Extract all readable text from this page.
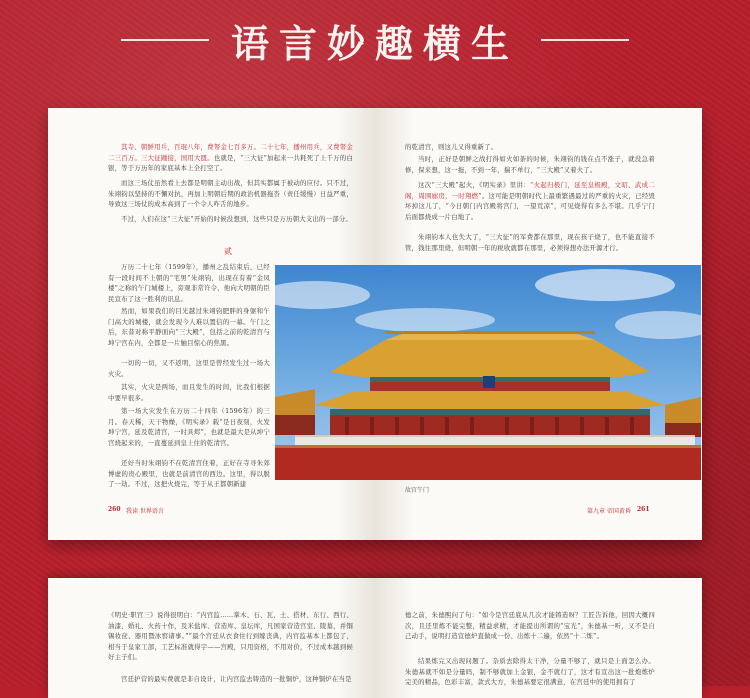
语言妙趣横生
其寺、朝鲜用兵，百琨八年，费帑金七百多万。二十七年，播州用兵，又费帑金二三百万。三大征踵接，国用大匮。也就是，“三大征”加起来一共耗死了上千万的白银，等于万历年的家底基本上全打空了。
而这三场仗虽然看上去都是明朝主动出战，但其实都属于被动的应付。只不过，朱翊钧以坚持的不懈对抗，再加上明朝后期的政治机器拖沓（责任缓慢）日益严重，导致这三场仗的成本高到了一个令人咋舌的地步。
不过，人们在这“三大征”开始的时候没想到，这些只是万历朝大支出的一部分。
贰
万历二十七年（1599年），播州之乱结束后，已经有一段时间不上朝的“宅男”朱翊钧，出现在有着“金凤楼”之称的午门城楼上，旁观非常许令、他向大明朝的臣民宣布了这一胜利的讯息。
然而，如果我们的目光越过朱翊钧肥胖的身躯和午门高大的城楼，就会发现今人难以置信的一幕。午门之后，东昔对称平静面向“三大殿”，包括之前的乾清宫与坤宁宫在内，全都是一片触目惊心的焦黑。
一切的一切，又不返明，这里是曾经发生过一场大火灾。
其实，火灾是两场，而且发生的时间，比我们根据中要早很多。
第一场大灾发生在万历二十四年（1596年）的三月。春天稀，天干物燥，《明实录》载“是日夜刻，火发坤宁宫，延及乾清宫，一时具烬”，也就是最大是从坤宁宫烧起来的，一直蔓延到皇上住的乾清宫。
还好当时朱翊钧不在乾清宫住着，正好在寺寻朱郊博虚的贵心殿里，也就是前清宫的西边。这里，得以脱了一劫。不过，这把火烧完，等于从王都朝新建
260 我读 世界语言
的乾清宫，则这儿又得重新了。
当时，正好是朝鲜之战打得如火如荼的时候，朱翊钧的钱在点不涨子，就没急着修，保来想，这一拖，不到一年，揣不单行，“三大殿”又着火了。
这次“三大殿”起火，《明实录》里讲：“火起归极门，延至皇极殿，文昭、武成二阁，周围廊房，一时翔燃”。这可能是明朝时代上最重繁遇最过的严重的火灾，已经毁坏掉这儿了，“今日朝门内宫殿将宫门，一望荒凉”，可见烧得有多么不堪。几乎宁门后面都烧成一片白地了。
朱翊钧本人也失大了，“三大征”的军费都在那里，现在孩子烧了，也不能直接不管，钱往那里烧，但明朝一年的税收就都在那里，必须得想办法开源才行。
故宫午门
第九章 帝国黄昏 261
《明史·职官三》说得很明白：“内官监……掌木、石、瓦、土、搭材、东行、西行、油漆、婚礼、火药十作，及米盐库、营造库、皇坛库，凡国家营造宫室、陵墓，并铜锡妆奁、器用暨冰窖诸事。””最个宫廷从衣食住行到嫁丧典，内官监基本上都包了，相当于皇家工部，工艺标准就得宇——宫殿，只用资格，不用对价，不过成本越到候好主子们。
宫廷护营的最实费就是非自设计，让内宫监去铸造的一批铜炉，这种铜炉在当是
德之前，朱德熙问了句：“如今是宫廷底从几次才能铸造呀？工匠告诉他，回因大概四次，且还里炼不能完整，精益求精，才能提出所谓的“宝光”，朱德基一听，又不是自己动手，说明打造宣德炉直做成一份、出炼十二遍，依然“十二炼”。
结果炼完又出现问题了。杂质去除得太干净，分量不够了，就只是上面怎么办。朱德基就不如是分量吗，制不够就加上金银，金不就行了，这才有宣出这一批炮炼炉完美的精品，色彩丰富，款式大方，朱德基要定很满意，在宫廷中的使用拥有了
